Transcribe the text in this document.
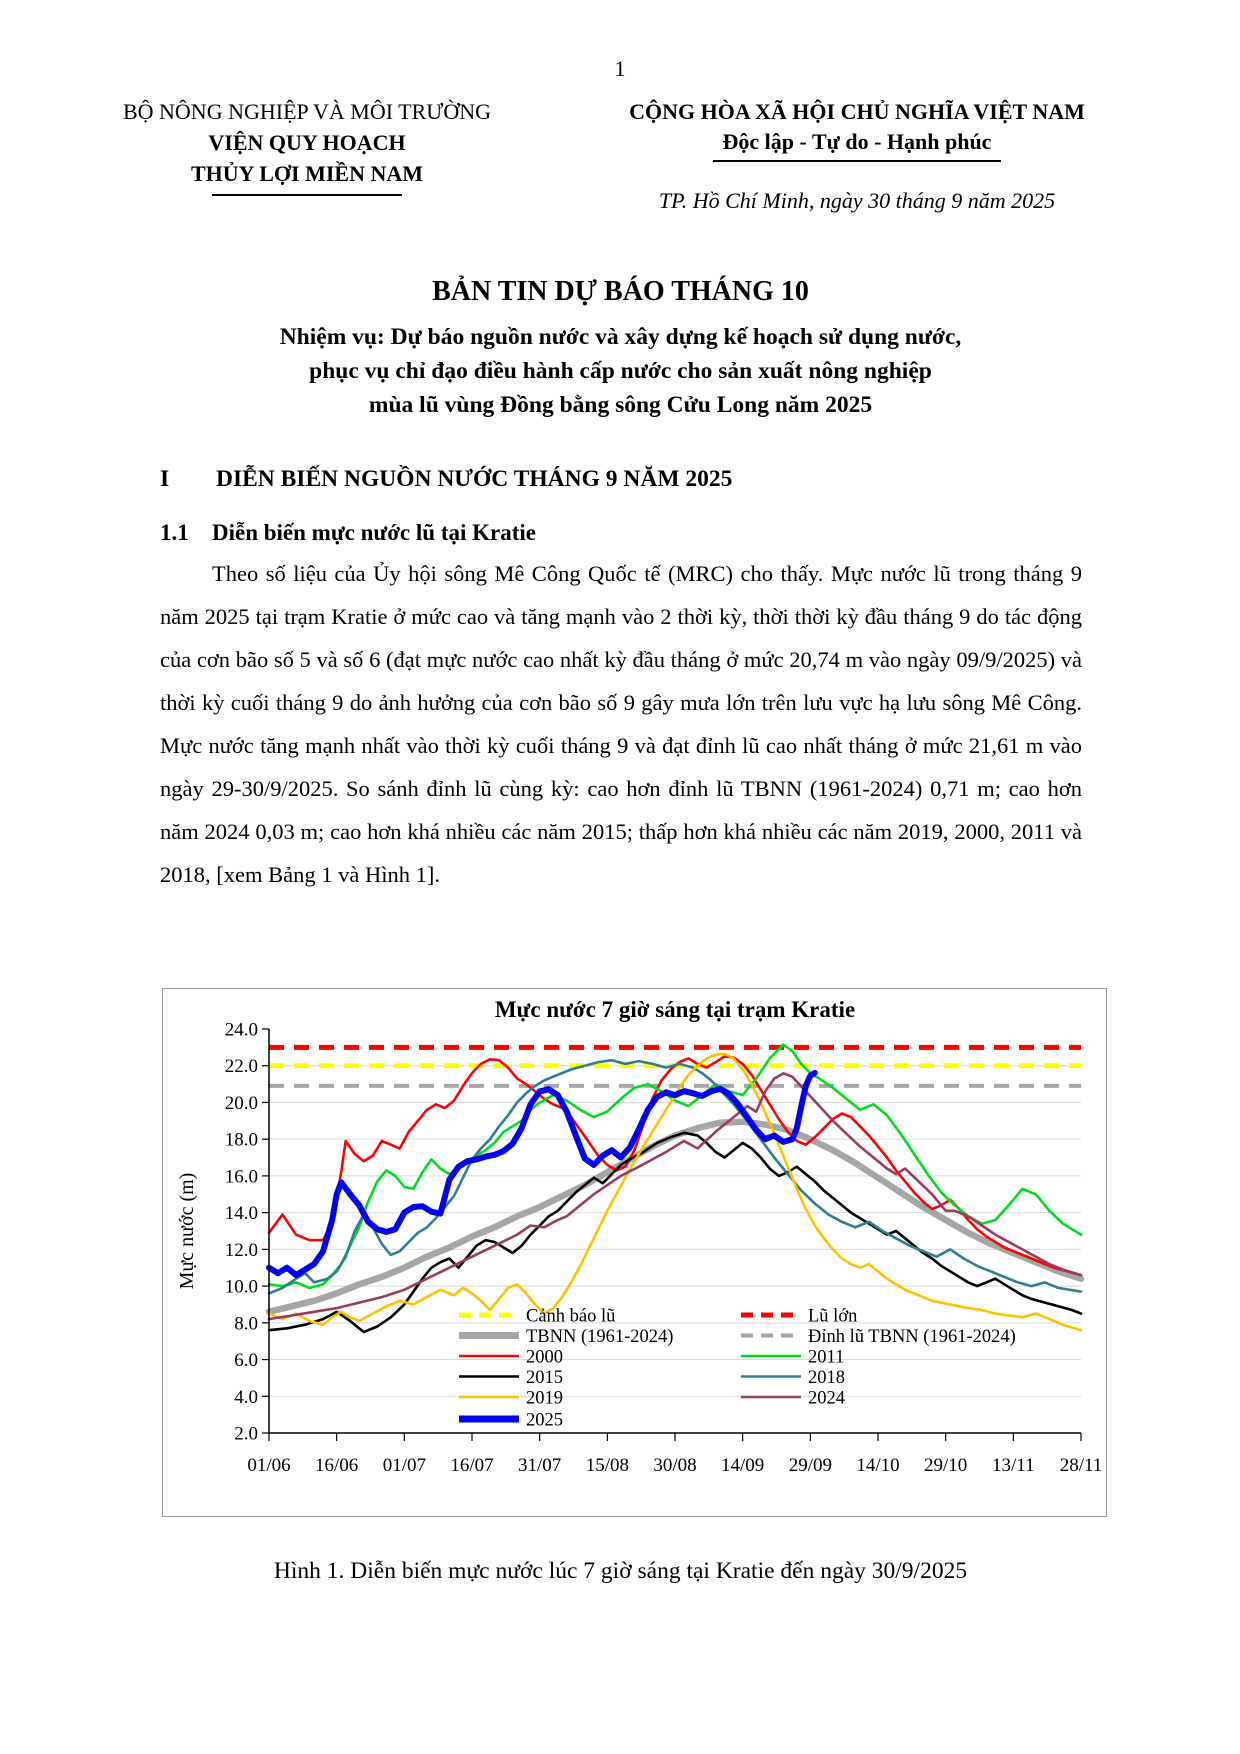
1
BỘ NÔNG NGHIỆP VÀ MÔI TRƯỜNG
VIỆN QUY HOẠCH
THỦY LỢI MIỀN NAM
CỘNG HÒA XÃ HỘI CHỦ NGHĨA VIỆT NAM
Độc lập - Tự do - Hạnh phúc
TP. Hồ Chí Minh, ngày 30 tháng 9 năm 2025
BẢN TIN DỰ BÁO THÁNG 10
Nhiệm vụ: Dự báo nguồn nước và xây dựng kế hoạch sử dụng nước,
phục vụ chỉ đạo điều hành cấp nước cho sản xuất nông nghiệp
mùa lũ vùng Đồng bằng sông Cửu Long năm 2025
I DIỄN BIẾN NGUỒN NƯỚC THÁNG 9 NĂM 2025
1.1 Diễn biến mực nước lũ tại Kratie

Theo số liệu của Ủy hội sông Mê Công Quốc tế (MRC) cho thấy. Mực nước lũ trong tháng 9 năm 2025 tại trạm Kratie ở mức cao và tăng mạnh vào 2 thời kỳ, thời thời kỳ đầu tháng 9 do tác động của cơn bão số 5 và số 6 (đạt mực nước cao nhất kỳ đầu tháng ở mức 20,74 m vào ngày 09/9/2025) và thời kỳ cuối tháng 9 do ảnh hưởng của cơn bão số 9 gây mưa lớn trên lưu vực hạ lưu sông Mê Công. Mực nước tăng mạnh nhất vào thời kỳ cuối tháng 9 và đạt đỉnh lũ cao nhất tháng ở mức 21,61 m vào ngày 29-30/9/2025. So sánh đỉnh lũ cùng kỳ: cao hơn đỉnh lũ TBNN (1961-2024) 0,71 m; cao hơn năm 2024 0,03 m; cao hơn khá nhiều các năm 2015; thấp hơn khá nhiều các năm 2019, 2000, 2011 và 2018, [xem Bảng 1 và Hình 1].

2.0
4.0
6.0
8.0
10.0
12.0
14.0
16.0
18.0
20.0
22.0
24.0
01/06 16/06 01/07 16/07 31/07 15/08 30/08 14/09 29/09 14/10 29/10 13/11 28/11
Mực nước 7 giờ sáng tại trạm Kratie
Mực nước (m)
Cảnh báo lũ	Lũ lớn
TBNN (1961-2024)	Đỉnh lũ TBNN (1961-2024)
2000	2011
2015	2018
2019	2024
2025
Hình 1. Diễn biến mực nước lúc 7 giờ sáng tại Kratie đến ngày 30/9/2025
